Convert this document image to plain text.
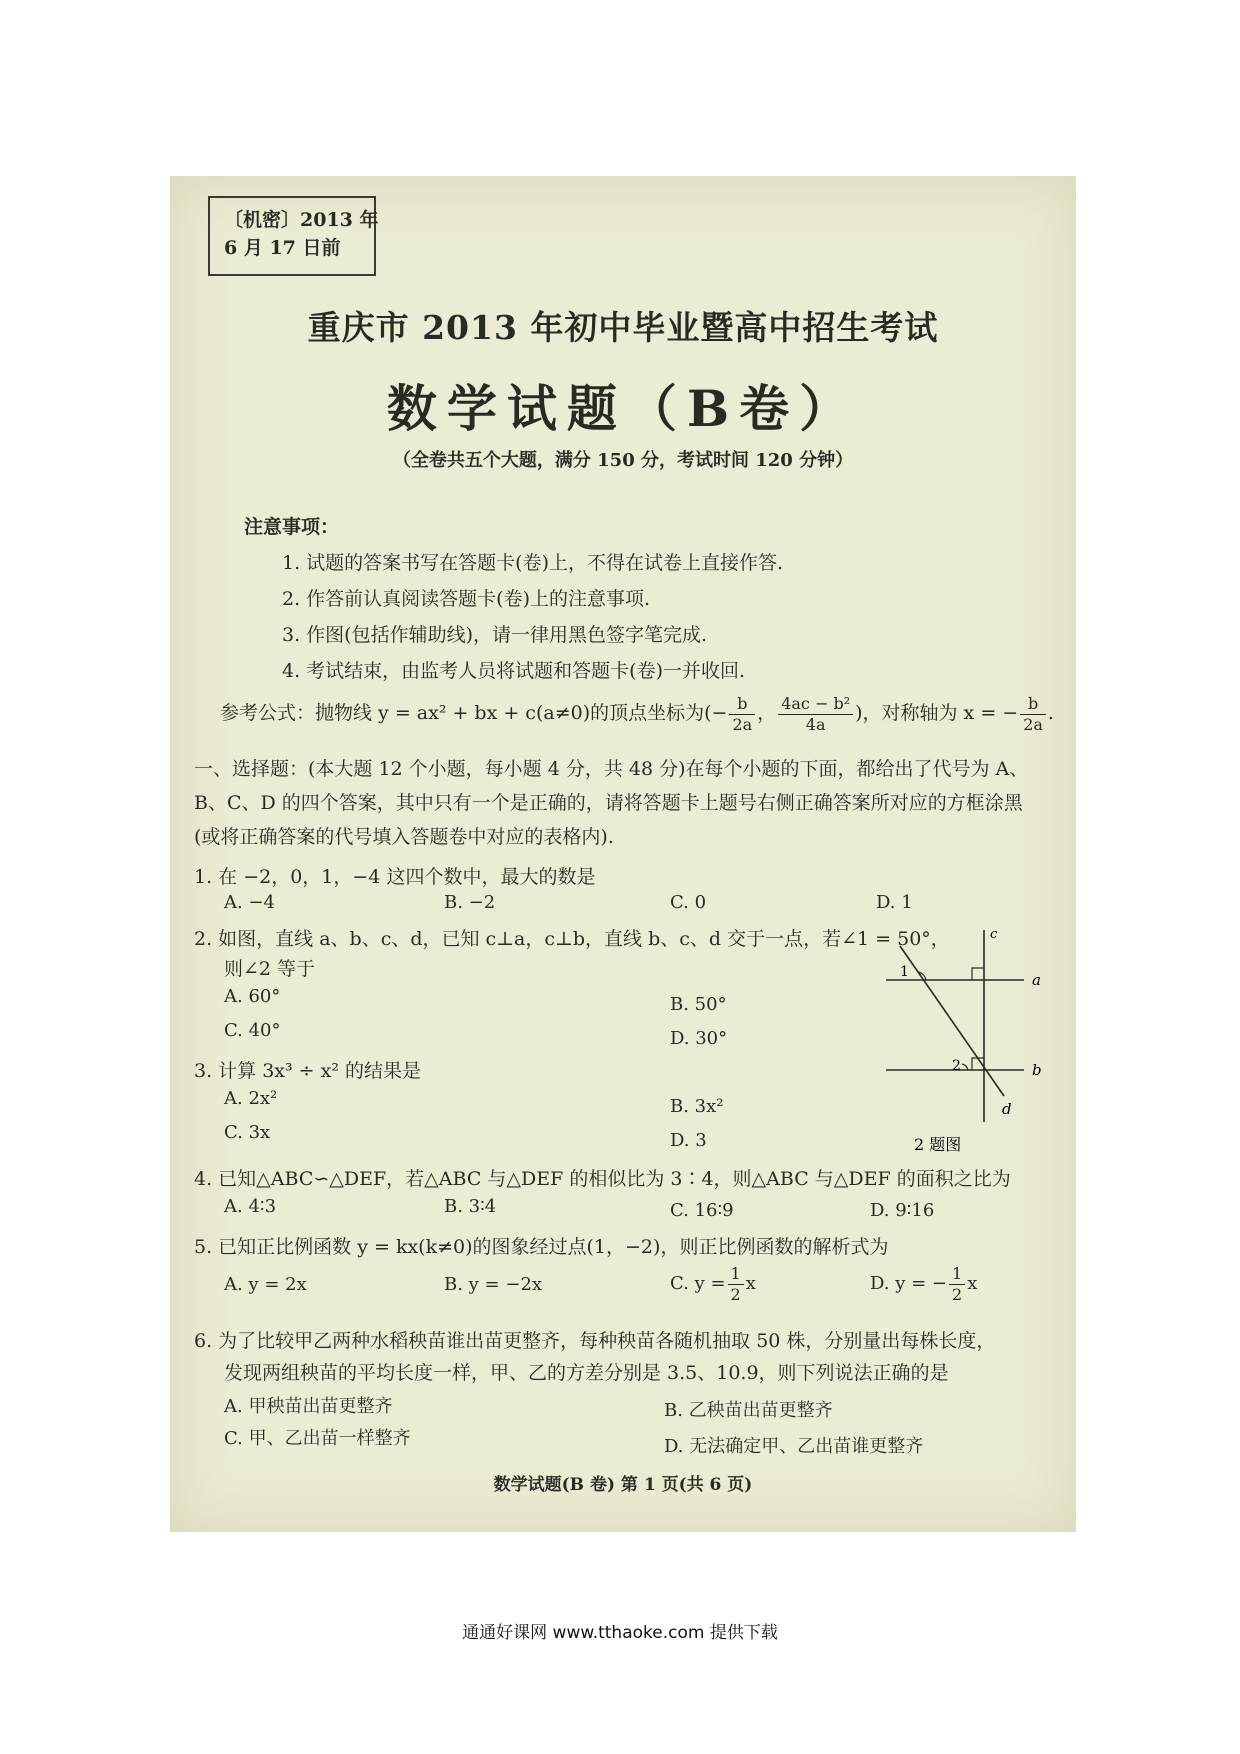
〔机密〕2013 年
6 月 17 日前
重庆市 2013 年初中毕业暨高中招生考试
数学试题（B卷）
（全卷共五个大题，满分 150 分，考试时间 120 分钟）
注意事项：
1. 试题的答案书写在答题卡(卷)上，不得在试卷上直接作答.
2. 作答前认真阅读答题卡(卷)上的注意事项.
3. 作图(包括作辅助线)，请一律用黑色签字笔完成.
4. 考试结束，由监考人员将试题和答题卡(卷)一并收回.
参考公式：抛物线 y = ax² + bx + c(a≠0)的顶点坐标为(− $\frac{b}{2a}$ ， $\frac{\text{4ac − b²}}{4a}$ )，对称轴为 x = − $\frac{b}{2a}$ .
一、选择题：(本大题 12 个小题，每小题 4 分，共 48 分)在每个小题的下面，都给出了代号为 A、B、C、D 的四个答案，其中只有一个是正确的，请将答题卡上题号右侧正确答案所对应的方框涂黑(或将正确答案的代号填入答题卷中对应的表格内).
1. 在 −2，0，1，−4 这四个数中，最大的数是
A. −4	B. −2	C. 0	D. 1
2. 如图，直线 a、b、c、d，已知 c⊥a，c⊥b，直线 b、c、d 交于一点，若∠1 = 50°，
则∠2 等于
A. 60°	B. 50°
C. 40°	D. 30°
c
a
b
d
1
2
2 题图
3. 计算 3x³ ÷ x² 的结果是
A. 2x²	B. 3x²
C. 3x	D. 3
4. 已知△ABC∽△DEF，若△ABC 与△DEF 的相似比为 3∶4，则△ABC 与△DEF 的面积之比为
A. 4∶3	B. 3∶4	C. 16∶9	D. 9∶16
5. 已知正比例函数 y = kx(k≠0)的图象经过点(1，−2)，则正比例函数的解析式为
A. y = 2x	B. y = −2x	C. $y = \frac{1}{2}$ x	D. y = − $\frac{1}{2}$ x
6. 为了比较甲乙两种水稻秧苗谁出苗更整齐，每种秧苗各随机抽取 50 株，分别量出每株长度，
发现两组秧苗的平均长度一样，甲、乙的方差分别是 3.5、10.9，则下列说法正确的是
A. 甲秧苗出苗更整齐	B. 乙秧苗出苗更整齐
C. 甲、乙出苗一样整齐	D. 无法确定甲、乙出苗谁更整齐
数学试题(B 卷) 第 1 页(共 6 页)
通通好课网 www.tthaoke.com 提供下载
